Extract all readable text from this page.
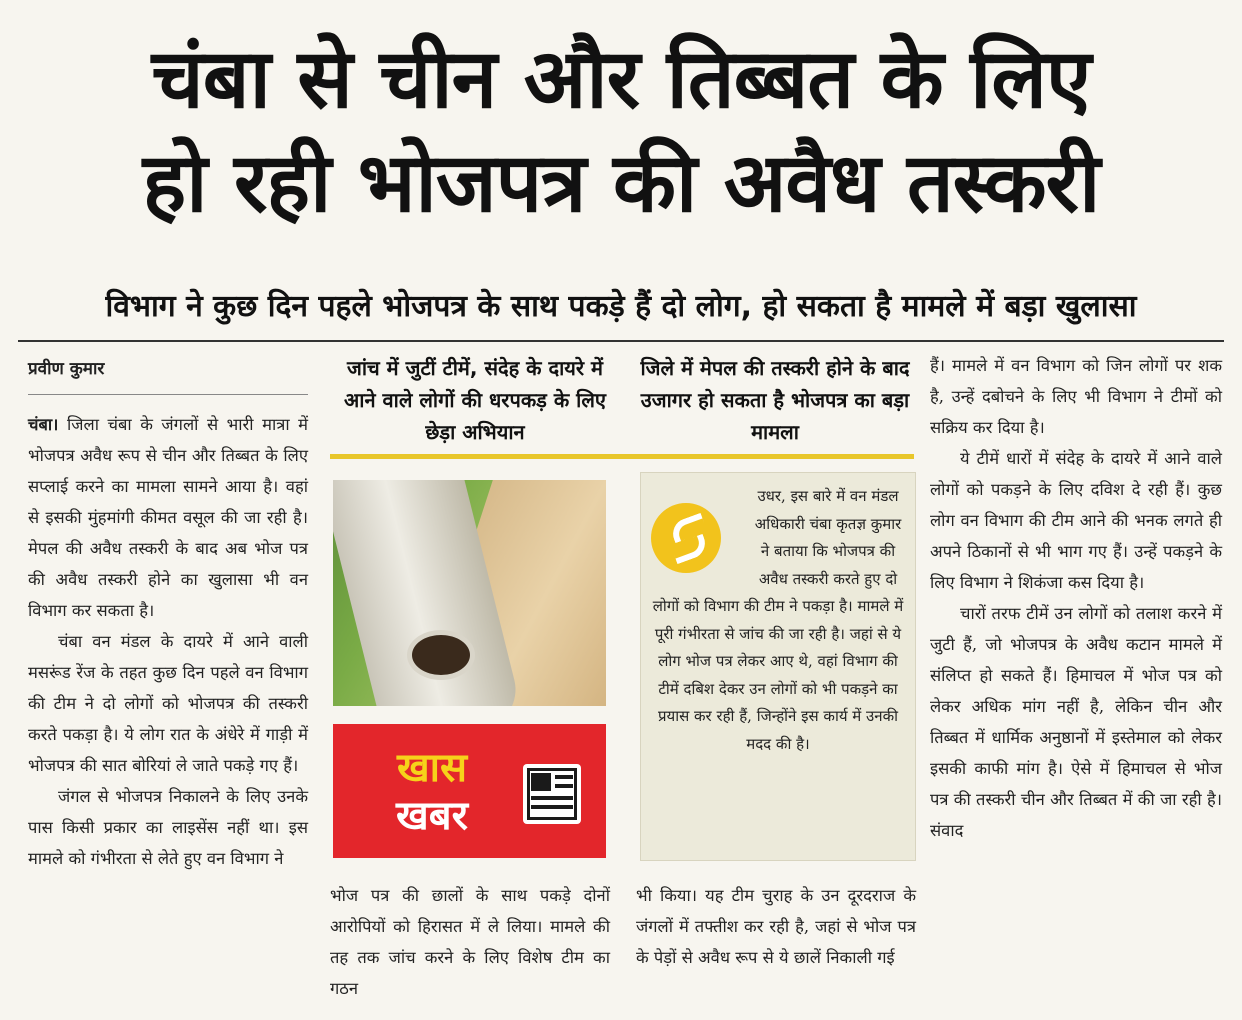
चंबा से चीन और तिब्बत के लिए
हो रही भोजपत्र की अवैध तस्करी
विभाग ने कुछ दिन पहले भोजपत्र के साथ पकड़े हैं दो लोग, हो सकता है मामले में बड़ा खुलासा
प्रवीण कुमार

चंबा। जिला चंबा के जंगलों से भारी मात्रा में भोजपत्र अवैध रूप से चीन और तिब्बत के लिए सप्लाई करने का मामला सामने आया है। वहां से इसकी मुंहमांगी कीमत वसूल की जा रही है। मेपल की अवैध तस्करी के बाद अब भोज पत्र की अवैध तस्करी होने का खुलासा भी वन विभाग कर सकता है।

चंबा वन मंडल के दायरे में आने वाली मसरूंड रेंज के तहत कुछ दिन पहले वन विभाग की टीम ने दो लोगों को भोजपत्र की तस्करी करते पकड़ा है। ये लोग रात के अंधेरे में गाड़ी में भोजपत्र की सात बोरियां ले जाते पकड़े गए हैं।

जंगल से भोजपत्र निकालने के लिए उनके पास किसी प्रकार का लाइसेंस नहीं था। इस मामले को गंभीरता से लेते हुए वन विभाग ने

जांच में जुटीं टीमें, संदेह के दायरे में आने वाले लोगों की धरपकड़ के लिए छेड़ा अभियान
जिले में मेपल की तस्करी होने के बाद उजागर हो सकता है भोजपत्र का बड़ा मामला
खास
खबर
उधर, इस बारे में वन मंडल अधिकारी चंबा कृतज्ञ कुमार ने बताया कि भोजपत्र की अवैध तस्करी करते हुए दो लोगों को विभाग की टीम ने पकड़ा है। मामले में पूरी गंभीरता से जांच की जा रही है। जहां से ये लोग भोज पत्र लेकर आए थे, वहां विभाग की टीमें दबिश देकर उन लोगों को भी पकड़ने का प्रयास कर रही हैं, जिन्होंने इस कार्य में उनकी मदद की है।
भोज पत्र की छालों के साथ पकड़े दोनों आरोपियों को हिरासत में ले लिया। मामले की तह तक जांच करने के लिए विशेष टीम का गठन
भी किया। यह टीम चुराह के उन दूरदराज के जंगलों में तफ्तीश कर रही है, जहां से भोज पत्र के पेड़ों से अवैध रूप से ये छालें निकाली गई

हैं। मामले में वन विभाग को जिन लोगों पर शक है, उन्हें दबोचने के लिए भी विभाग ने टीमों को सक्रिय कर दिया है।

ये टीमें धारों में संदेह के दायरे में आने वाले लोगों को पकड़ने के लिए दविश दे रही हैं। कुछ लोग वन विभाग की टीम आने की भनक लगते ही अपने ठिकानों से भी भाग गए हैं। उन्हें पकड़ने के लिए विभाग ने शिकंजा कस दिया है।

चारों तरफ टीमें उन लोगों को तलाश करने में जुटी हैं, जो भोजपत्र के अवैध कटान मामले में संलिप्त हो सकते हैं। हिमाचल में भोज पत्र को लेकर अधिक मांग नहीं है, लेकिन चीन और तिब्बत में धार्मिक अनुष्ठानों में इस्तेमाल को लेकर इसकी काफी मांग है। ऐसे में हिमाचल से भोज पत्र की तस्करी चीन और तिब्बत में की जा रही है। संवाद
